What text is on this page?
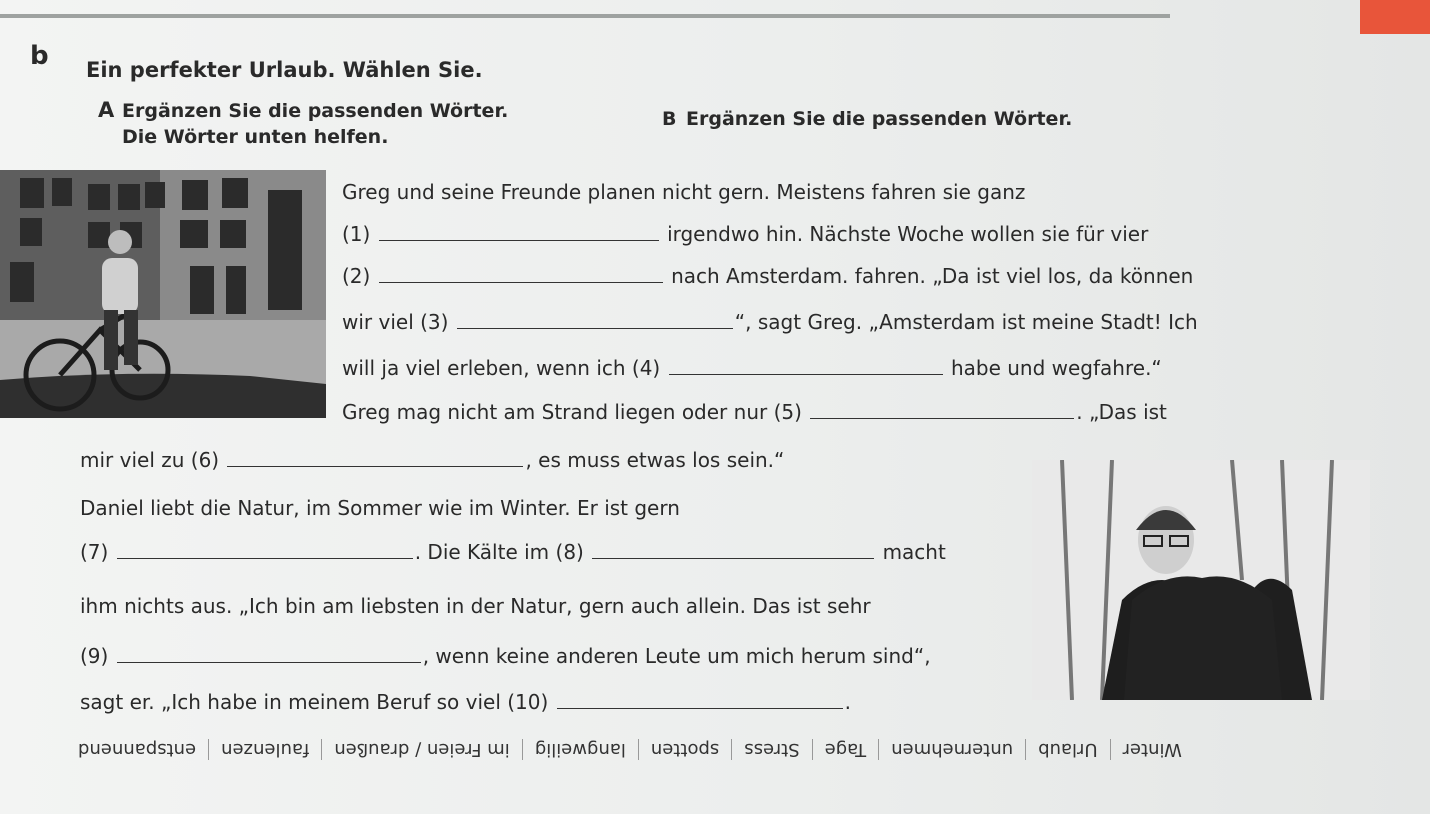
b Ein perfekter Urlaub. Wählen Sie.
A Ergänzen Sie die passenden Wörter.
Die Wörter unten helfen.
B Ergänzen Sie die passenden Wörter.
Greg und seine Freunde planen nicht gern. Meistens fahren sie ganz
(1)	irgendwo hin. Nächste Woche wollen sie für vier
(2)	nach Amsterdam. fahren. „Da ist viel los, da können
wir viel (3)	“, sagt Greg. „Amsterdam ist meine Stadt! Ich
will ja viel erleben, wenn ich (4)	habe und wegfahre.“
Greg mag nicht am Strand liegen oder nur (5)	. „Das ist
mir viel zu (6)	, es muss etwas los sein.“
Daniel liebt die Natur, im Sommer wie im Winter. Er ist gern
(7)	. Die Kälte im (8)	macht
ihm nichts aus. „Ich bin am liebsten in der Natur, gern auch allein. Das ist sehr
(9)	, wenn keine anderen Leute um mich herum sind“,
sagt er. „Ich habe in meinem Beruf so viel (10)	.
entspannend	faulenzen	im Freien / draußen	langweilig	spotten	Stress	Tage	unternehmen	Urlaub	Winter
